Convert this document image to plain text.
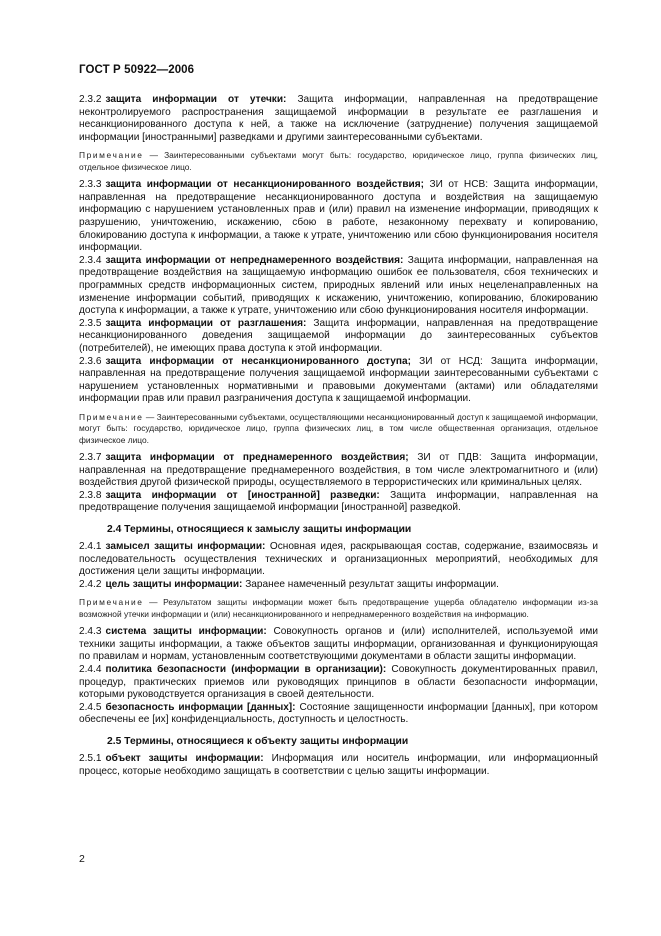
ГОСТ Р 50922—2006

2.3.2 защита информации от утечки: Защита информации, направленная на предотвращение неконтролируемого распространения защищаемой информации в результате ее разглашения и несанкционированного доступа к ней, а также на исключение (затруднение) получения защищаемой информации [иностранными] разведками и другими заинтересованными субъектами.

Примечание — Заинтересованными субъектами могут быть: государство, юридическое лицо, группа физических лиц, отдельное физическое лицо.

2.3.3 защита информации от несанкционированного воздействия; ЗИ от НСВ: Защита информации, направленная на предотвращение несанкционированного доступа и воздействия на защищаемую информацию с нарушением установленных прав и (или) правил на изменение информации, приводящих к разрушению, уничтожению, искажению, сбою в работе, незаконному перехвату и копированию, блокированию доступа к информации, а также к утрате, уничтожению или сбою функционирования носителя информации.

2.3.4 защита информации от непреднамеренного воздействия: Защита информации, направленная на предотвращение воздействия на защищаемую информацию ошибок ее пользователя, сбоя технических и программных средств информационных систем, природных явлений или иных нецеленаправленных на изменение информации событий, приводящих к искажению, уничтожению, копированию, блокированию доступа к информации, а также к утрате, уничтожению или сбою функционирования носителя информации.

2.3.5 защита информации от разглашения: Защита информации, направленная на предотвращение несанкционированного доведения защищаемой информации до заинтересованных субъектов (потребителей), не имеющих права доступа к этой информации.

2.3.6 защита информации от несанкционированного доступа; ЗИ от НСД: Защита информации, направленная на предотвращение получения защищаемой информации заинтересованными субъектами с нарушением установленных нормативными и правовыми документами (актами) или обладателями информации прав или правил разграничения доступа к защищаемой информации.

Примечание — Заинтересованными субъектами, осуществляющими несанкционированный доступ к защищаемой информации, могут быть: государство, юридическое лицо, группа физических лиц, в том числе общественная организация, отдельное физическое лицо.

2.3.7 защита информации от преднамеренного воздействия; ЗИ от ПДВ: Защита информации, направленная на предотвращение преднамеренного воздействия, в том числе электромагнитного и (или) воздействия другой физической природы, осуществляемого в террористических или криминальных целях.

2.3.8 защита информации от [иностранной] разведки: Защита информации, направленная на предотвращение получения защищаемой информации [иностранной] разведкой.

2.4 Термины, относящиеся к замыслу защиты информации

2.4.1 замысел защиты информации: Основная идея, раскрывающая состав, содержание, взаимосвязь и последовательность осуществления технических и организационных мероприятий, необходимых для достижения цели защиты информации.

2.4.2 цель защиты информации: Заранее намеченный результат защиты информации.

Примечание — Результатом защиты информации может быть предотвращение ущерба обладателю информации из-за возможной утечки информации и (или) несанкционированного и непреднамеренного воздействия на информацию.

2.4.3 система защиты информации: Совокупность органов и (или) исполнителей, используемой ими техники защиты информации, а также объектов защиты информации, организованная и функционирующая по правилам и нормам, установленным соответствующими документами в области защиты информации.

2.4.4 политика безопасности (информации в организации): Совокупность документированных правил, процедур, практических приемов или руководящих принципов в области безопасности информации, которыми руководствуется организация в своей деятельности.

2.4.5 безопасность информации [данных]: Состояние защищенности информации [данных], при котором обеспечены ее [их] конфиденциальность, доступность и целостность.

2.5 Термины, относящиеся к объекту защиты информации

2.5.1 объект защиты информации: Информация или носитель информации, или информационный процесс, которые необходимо защищать в соответствии с целью защиты информации.

2
